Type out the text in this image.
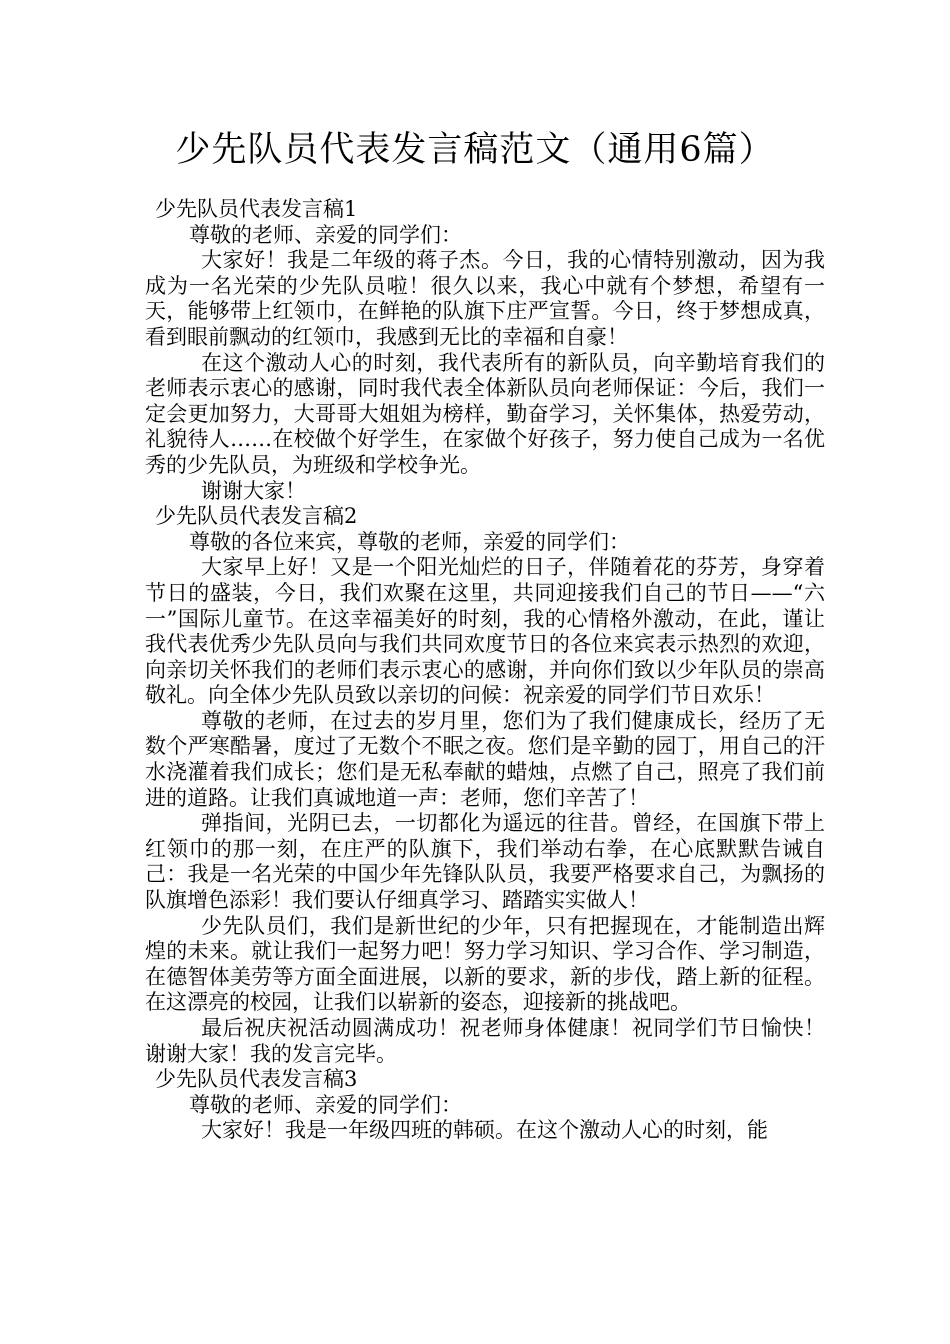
少先队员代表发言稿范文（通用6篇）
少先队员代表发言稿1

尊敬的老师、亲爱的同学们：

大家好！我是二年级的蒋子杰。今日，我的心情特别激动，因为我成为一名光荣的少先队员啦！很久以来，我心中就有个梦想，希望有一天，能够带上红领巾，在鲜艳的队旗下庄严宣誓。今日，终于梦想成真，看到眼前飘动的红领巾，我感到无比的幸福和自豪！

在这个激动人心的时刻，我代表所有的新队员，向辛勤培育我们的老师表示衷心的感谢，同时我代表全体新队员向老师保证：今后，我们一定会更加努力，大哥哥大姐姐为榜样，勤奋学习，关怀集体，热爱劳动，礼貌待人……在校做个好学生，在家做个好孩子，努力使自己成为一名优秀的少先队员，为班级和学校争光。

谢谢大家！

少先队员代表发言稿2

尊敬的各位来宾，尊敬的老师，亲爱的同学们：

大家早上好！又是一个阳光灿烂的日子，伴随着花的芬芳，身穿着节日的盛装，今日，我们欢聚在这里，共同迎接我们自己的节日——“六一”国际儿童节。在这幸福美好的时刻，我的心情格外激动，在此，谨让我代表优秀少先队员向与我们共同欢度节日的各位来宾表示热烈的欢迎，向亲切关怀我们的老师们表示衷心的感谢，并向你们致以少年队员的崇高敬礼。向全体少先队员致以亲切的问候：祝亲爱的同学们节日欢乐！

尊敬的老师，在过去的岁月里，您们为了我们健康成长，经历了无数个严寒酷暑，度过了无数个不眠之夜。您们是辛勤的园丁，用自己的汗水浇灌着我们成长；您们是无私奉献的蜡烛，点燃了自己，照亮了我们前进的道路。让我们真诚地道一声：老师，您们辛苦了！

弹指间，光阴已去，一切都化为遥远的往昔。曾经，在国旗下带上红领巾的那一刻，在庄严的队旗下，我们举动右拳，在心底默默告诫自己：我是一名光荣的中国少年先锋队队员，我要严格要求自己，为飘扬的队旗增色添彩！我们要认仔细真学习、踏踏实实做人！

少先队员们，我们是新世纪的少年，只有把握现在，才能制造出辉煌的未来。就让我们一起努力吧！努力学习知识、学习合作、学习制造，在德智体美劳等方面全面进展，以新的要求，新的步伐，踏上新的征程。在这漂亮的校园，让我们以崭新的姿态，迎接新的挑战吧。

最后祝庆祝活动圆满成功！祝老师身体健康！祝同学们节日愉快！谢谢大家！我的发言完毕。

少先队员代表发言稿3

尊敬的老师、亲爱的同学们：

大家好！我是一年级四班的韩硕。在这个激动人心的时刻，能
